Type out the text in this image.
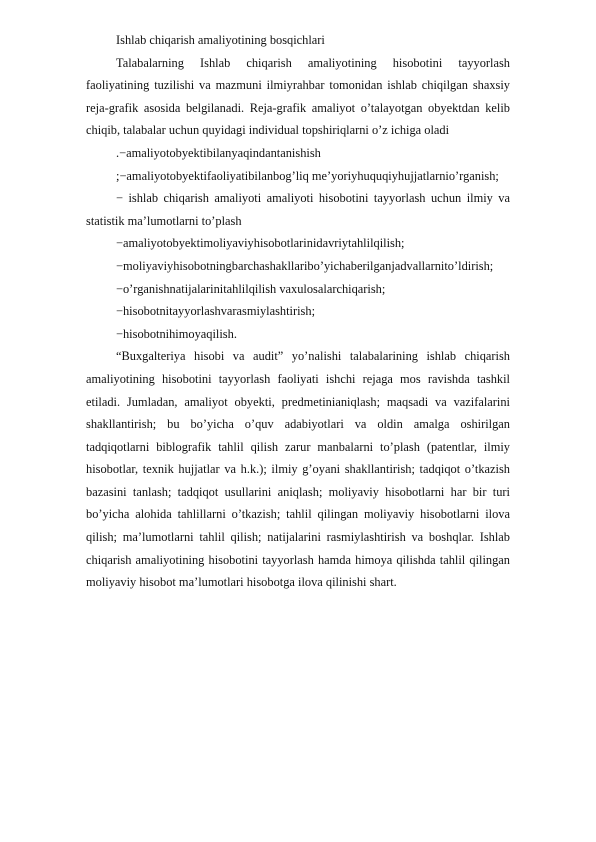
Ishlab chiqarish amaliyotining bosqichlari

Talabalarning Ishlab chiqarish amaliyotining hisobotini tayyorlash faoliyatining tuzilishi va mazmuni ilmiyrahbar tomonidan ishlab chiqilgan shaxsiy reja-grafik asosida belgilanadi. Reja-grafik amaliyot o’talayotgan obyektdan kelib chiqib, talabalar uchun quyidagi individual topshiriqlarni o’z ichiga oladi

.−amaliyotobyektibilanyaqindantanishish

;−amaliyotobyektifaoliyatibilanbog’liq me’yoriyhuquqiyhujjatlarnio’rganish;

− ishlab chiqarish amaliyoti amaliyoti hisobotini tayyorlash uchun ilmiy va statistik ma’lumotlarni to’plash

−amaliyotobyektimoliyaviyhisobotlarinidavriytahlilqilish;

−moliyaviyhisobotningbarchashakllaribo’yichaberilganjadvallarnito’ldirish;

−o’rganishnatijalarinitahlilqilish vaxulosalarchiqarish;

−hisobotnitayyorlashvarasmiylashtirish;

−hisobotnihimoyaqilish.

“Buxgalteriya hisobi va audit” yo’nalishi talabalarining ishlab chiqarish amaliyotining hisobotini tayyorlash faoliyati ishchi rejaga mos ravishda tashkil etiladi. Jumladan, amaliyot obyekti, predmetinianiqlash; maqsadi va vazifalarini shakllantirish; bu bo’yicha o’quv adabiyotlari va oldin amalga oshirilgan tadqiqotlarni biblografik tahlil qilish zarur manbalarni to’plash (patentlar, ilmiy hisobotlar, texnik hujjatlar va h.k.); ilmiy g’oyani shakllantirish; tadqiqot o’tkazish bazasini tanlash; tadqiqot usullarini aniqlash; moliyaviy hisobotlarni har bir turi bo’yicha alohida tahlillarni o’tkazish; tahlil qilingan moliyaviy hisobotlarni ilova qilish; ma’lumotlarni tahlil qilish; natijalarini rasmiylashtirish va boshqlar. Ishlab chiqarish amaliyotining hisobotini tayyorlash hamda himoya qilishda tahlil qilingan moliyaviy hisobot ma’lumotlari hisobotga ilova qilinishi shart.
